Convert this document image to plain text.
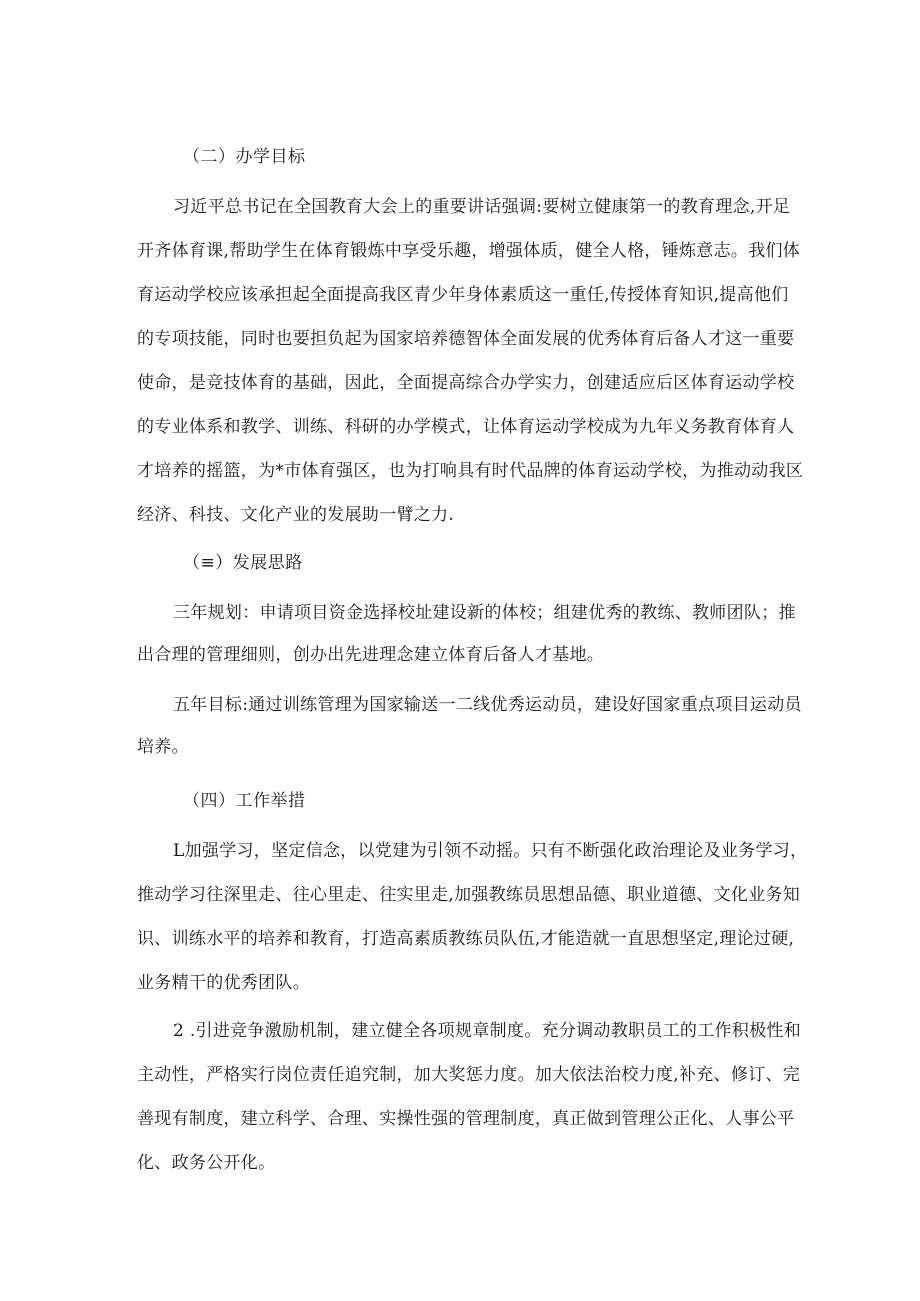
（二）办学目标
习近平总书记在全国教育大会上的重要讲话强调:要树立健康第一的教育理念,开足
开齐体育课,帮助学生在体育锻炼中享受乐趣，增强体质，健全人格，锤炼意志。我们体
育运动学校应该承担起全面提高我区青少年身体素质这一重任,传授体育知识,提高他们
的专项技能，同时也要担负起为国家培养德智体全面发展的优秀体育后备人才这一重要
使命，是竞技体育的基础，因此，全面提高综合办学实力，创建适应后区体育运动学校
的专业体系和教学、训练、科研的办学模式，让体育运动学校成为九年义务教育体育人
才培养的摇篮，为*市体育强区，也为打响具有时代品牌的体育运动学校，为推动动我区
经济、科技、文化产业的发展助一臂之力.
（≡）发展思路
三年规划：申请项目资金选择校址建设新的体校；组建优秀的教练、教师团队；推
出合理的管理细则，创办出先进理念建立体育后备人才基地。
五年目标:通过训练管理为国家输送一二线优秀运动员，建设好国家重点项目运动员
培养。
（四）工作举措
L加强学习，坚定信念，以党建为引领不动摇。只有不断强化政治理论及业务学习，
推动学习往深里走、往心里走、往实里走,加强教练员思想品德、职业道德、文化业务知
识、训练水平的培养和教育，打造高素质教练员队伍,才能造就一直思想坚定,理论过硬,
业务精干的优秀团队。
2 .引进竞争激励机制，建立健全各项规章制度。充分调动教职员工的工作积极性和
主动性，严格实行岗位责任追究制，加大奖惩力度。加大依法治校力度,补充、修订、完
善现有制度，建立科学、合理、实操性强的管理制度，真正做到管理公正化、人事公平
化、政务公开化。
